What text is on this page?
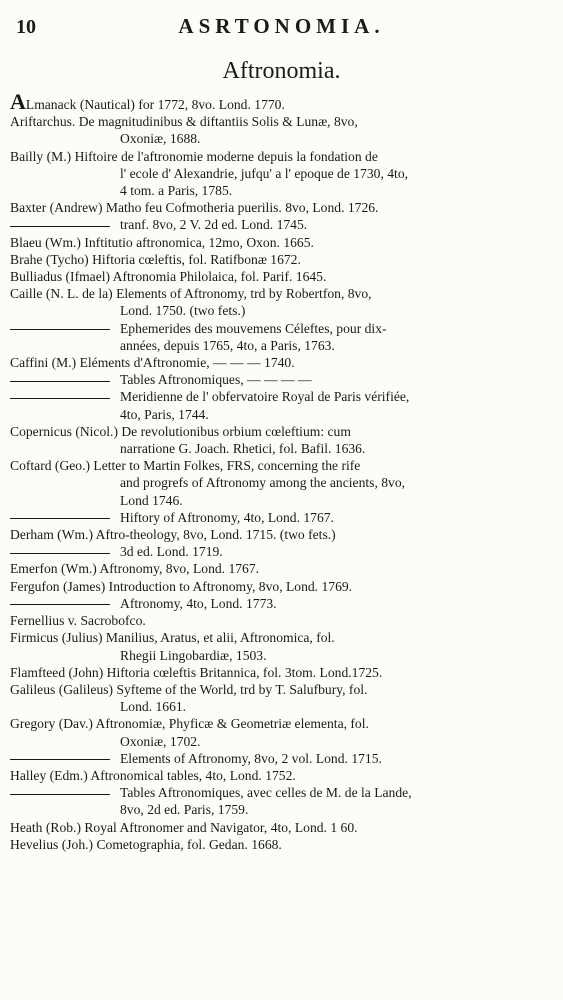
10	ASRTONOMIA.
Aftronomia.
ALmanack (Nautical) for 1772, 8vo. Lond. 1770.
Ariftarchus. De magnitudinibus & diftantiis Solis & Lunæ, 8vo,
Oxoniæ, 1688.
Bailly (M.) Hiftoire de l'aftronomie moderne depuis la fondation de
l' ecole d' Alexandrie, jufqu' a l' epoque de 1730, 4to,
4 tom. a Paris, 1785.
Baxter (Andrew) Matho feu Cofmotheria puerilis. 8vo, Lond. 1726.
tranf. 8vo, 2 V. 2d ed. Lond. 1745.
Blaeu (Wm.) Inftitutio aftronomica, 12mo, Oxon. 1665.
Brahe (Tycho) Hiftoria cœleftis, fol. Ratifbonæ 1672.
Bulliadus (Ifmael) Aftronomia Philolaica, fol. Parif. 1645.
Caille (N. L. de la) Elements of Aftronomy, trd by Robertfon, 8vo,
Lond. 1750. (two fets.)
Ephemerides des mouvemens Céleftes, pour dix-
années, depuis 1765, 4to, a Paris, 1763.
Caffini (M.) Eléments d'Aftronomie, — — — 1740.
Tables Aftronomiques, — — — —
Meridienne de l' obfervatoire Royal de Paris vérifiée,
4to, Paris, 1744.
Copernicus (Nicol.) De revolutionibus orbium cœleftium: cum
narratione G. Joach. Rhetici, fol. Bafil. 1636.
Coftard (Geo.) Letter to Martin Folkes, FRS, concerning the rife
and progrefs of Aftronomy among the ancients, 8vo,
Lond 1746.
Hiftory of Aftronomy, 4to, Lond. 1767.
Derham (Wm.) Aftro-theology, 8vo, Lond. 1715. (two fets.)
3d ed. Lond. 1719.
Emerfon (Wm.) Aftronomy, 8vo, Lond. 1767.
Fergufon (James) Introduction to Aftronomy, 8vo, Lond. 1769.
Aftronomy, 4to, Lond. 1773.
Fernellius v. Sacrobofco.
Firmicus (Julius) Manilius, Aratus, et alii, Aftronomica, fol.
Rhegii Lingobardiæ, 1503.
Flamfteed (John) Hiftoria cœleftis Britannica, fol. 3tom. Lond.1725.
Galileus (Galileus) Syfteme of the World, trd by T. Salufbury, fol.
Lond. 1661.
Gregory (Dav.) Aftronomiæ, Phyficæ & Geometriæ elementa, fol.
Oxoniæ, 1702.
Elements of Aftronomy, 8vo, 2 vol. Lond. 1715.
Halley (Edm.) Aftronomical tables, 4to, Lond. 1752.
Tables Aftronomiques, avec celles de M. de la Lande,
8vo, 2d ed. Paris, 1759.
Heath (Rob.) Royal Aftronomer and Navigator, 4to, Lond. 1 60.
Hevelius (Joh.) Cometographia, fol. Gedan. 1668.
